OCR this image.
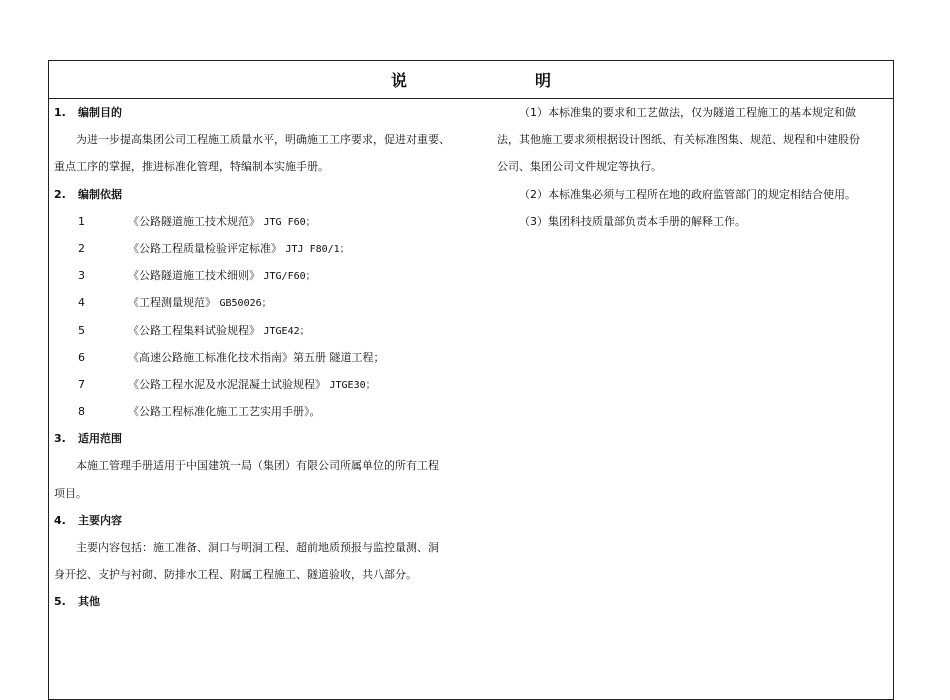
说　明
1. 编制目的
为进一步提高集团公司工程施工质量水平，明确施工工序要求，促进对重要、
重点工序的掌握，推进标准化管理，特编制本实施手册。
2. 编制依据
1	《公路隧道施工技术规范》 JTG F60；
2	《公路工程质量检验评定标准》 JTJ F80/1；
3	《公路隧道施工技术细则》 JTG/F60；
4	《工程测量规范》 GB50026；
5	《公路工程集料试验规程》 JTGE42；
6	《高速公路施工标准化技术指南》第五册 隧道工程；
7	《公路工程水泥及水泥混凝土试验规程》 JTGE30；
8	《公路工程标准化施工工艺实用手册》。
3. 适用范围
本施工管理手册适用于中国建筑一局（集团）有限公司所属单位的所有工程
项目。
4. 主要内容
主要内容包括：施工准备、洞口与明洞工程、超前地质预报与监控量测、洞
身开挖、支护与衬砌、防排水工程、附属工程施工、隧道验收，共八部分。
5. 其他
（1）本标准集的要求和工艺做法，仅为隧道工程施工的基本规定和做
法，其他施工要求须根据设计图纸、有关标准图集、规范、规程和中建股份
公司、集团公司文件规定等执行。
（2）本标准集必须与工程所在地的政府监管部门的规定相结合使用。
（3）集团科技质量部负责本手册的解释工作。
